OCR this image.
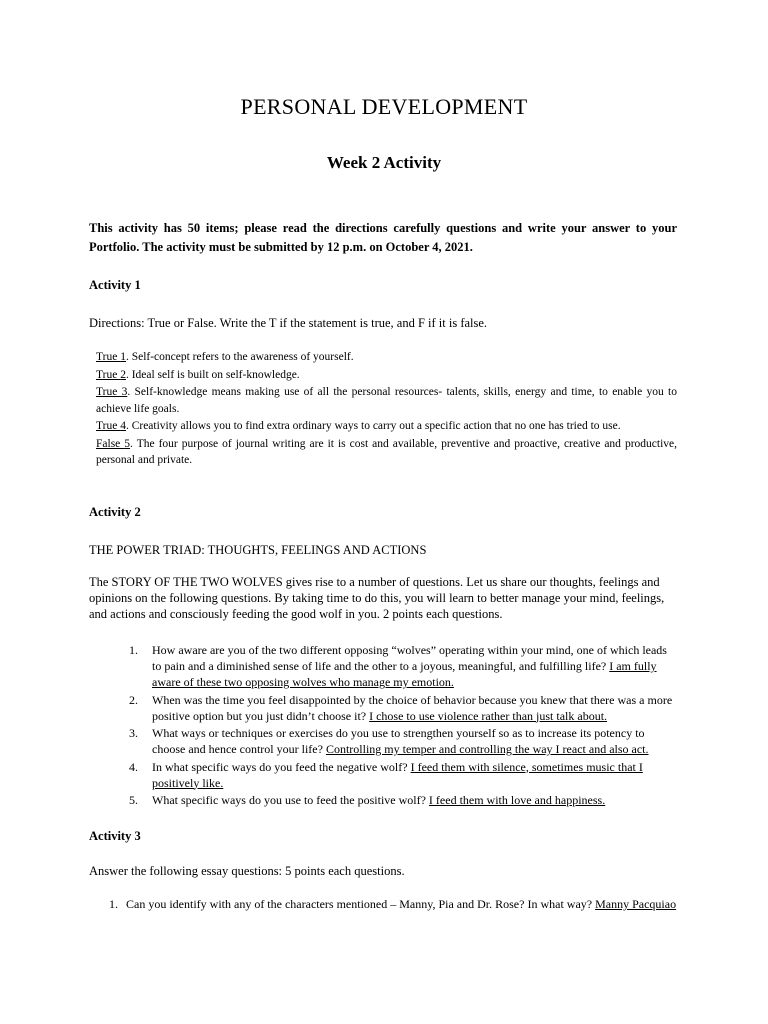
PERSONAL DEVELOPMENT
Week 2 Activity
This activity has 50 items; please read the directions carefully questions and write your answer to your Portfolio. The activity must be submitted by 12 p.m. on October 4, 2021.
Activity 1
Directions: True or False. Write the T if the statement is true, and F if it is false.
True 1. Self-concept refers to the awareness of yourself.
True 2. Ideal self is built on self-knowledge.
True 3. Self-knowledge means making use of all the personal resources- talents, skills, energy and time, to enable you to achieve life goals.
True 4. Creativity allows you to find extra ordinary ways to carry out a specific action that no one has tried to use.
False 5. The four purpose of journal writing are it is cost and available, preventive and proactive, creative and productive, personal and private.
Activity 2
THE POWER TRIAD: THOUGHTS, FEELINGS AND ACTIONS
The STORY OF THE TWO WOLVES gives rise to a number of questions. Let us share our thoughts, feelings and opinions on the following questions. By taking time to do this, you will learn to better manage your mind, feelings, and actions and consciously feeding the good wolf in you. 2 points each questions.
1. How aware are you of the two different opposing “wolves” operating within your mind, one of which leads to pain and a diminished sense of life and the other to a joyous, meaningful, and fulfilling life? I am fully aware of these two opposing wolves who manage my emotion.
2. When was the time you feel disappointed by the choice of behavior because you knew that there was a more positive option but you just didn’t choose it? I chose to use violence rather than just talk about.
3. What ways or techniques or exercises do you use to strengthen yourself so as to increase its potency to choose and hence control your life? Controlling my temper and controlling the way I react and also act.
4. In what specific ways do you feed the negative wolf? I feed them with silence, sometimes music that I positively like.
5. What specific ways do you use to feed the positive wolf? I feed them with love and happiness.
Activity 3
Answer the following essay questions: 5 points each questions.
1. Can you identify with any of the characters mentioned – Manny, Pia and Dr. Rose? In what way? Manny Pacquiao
